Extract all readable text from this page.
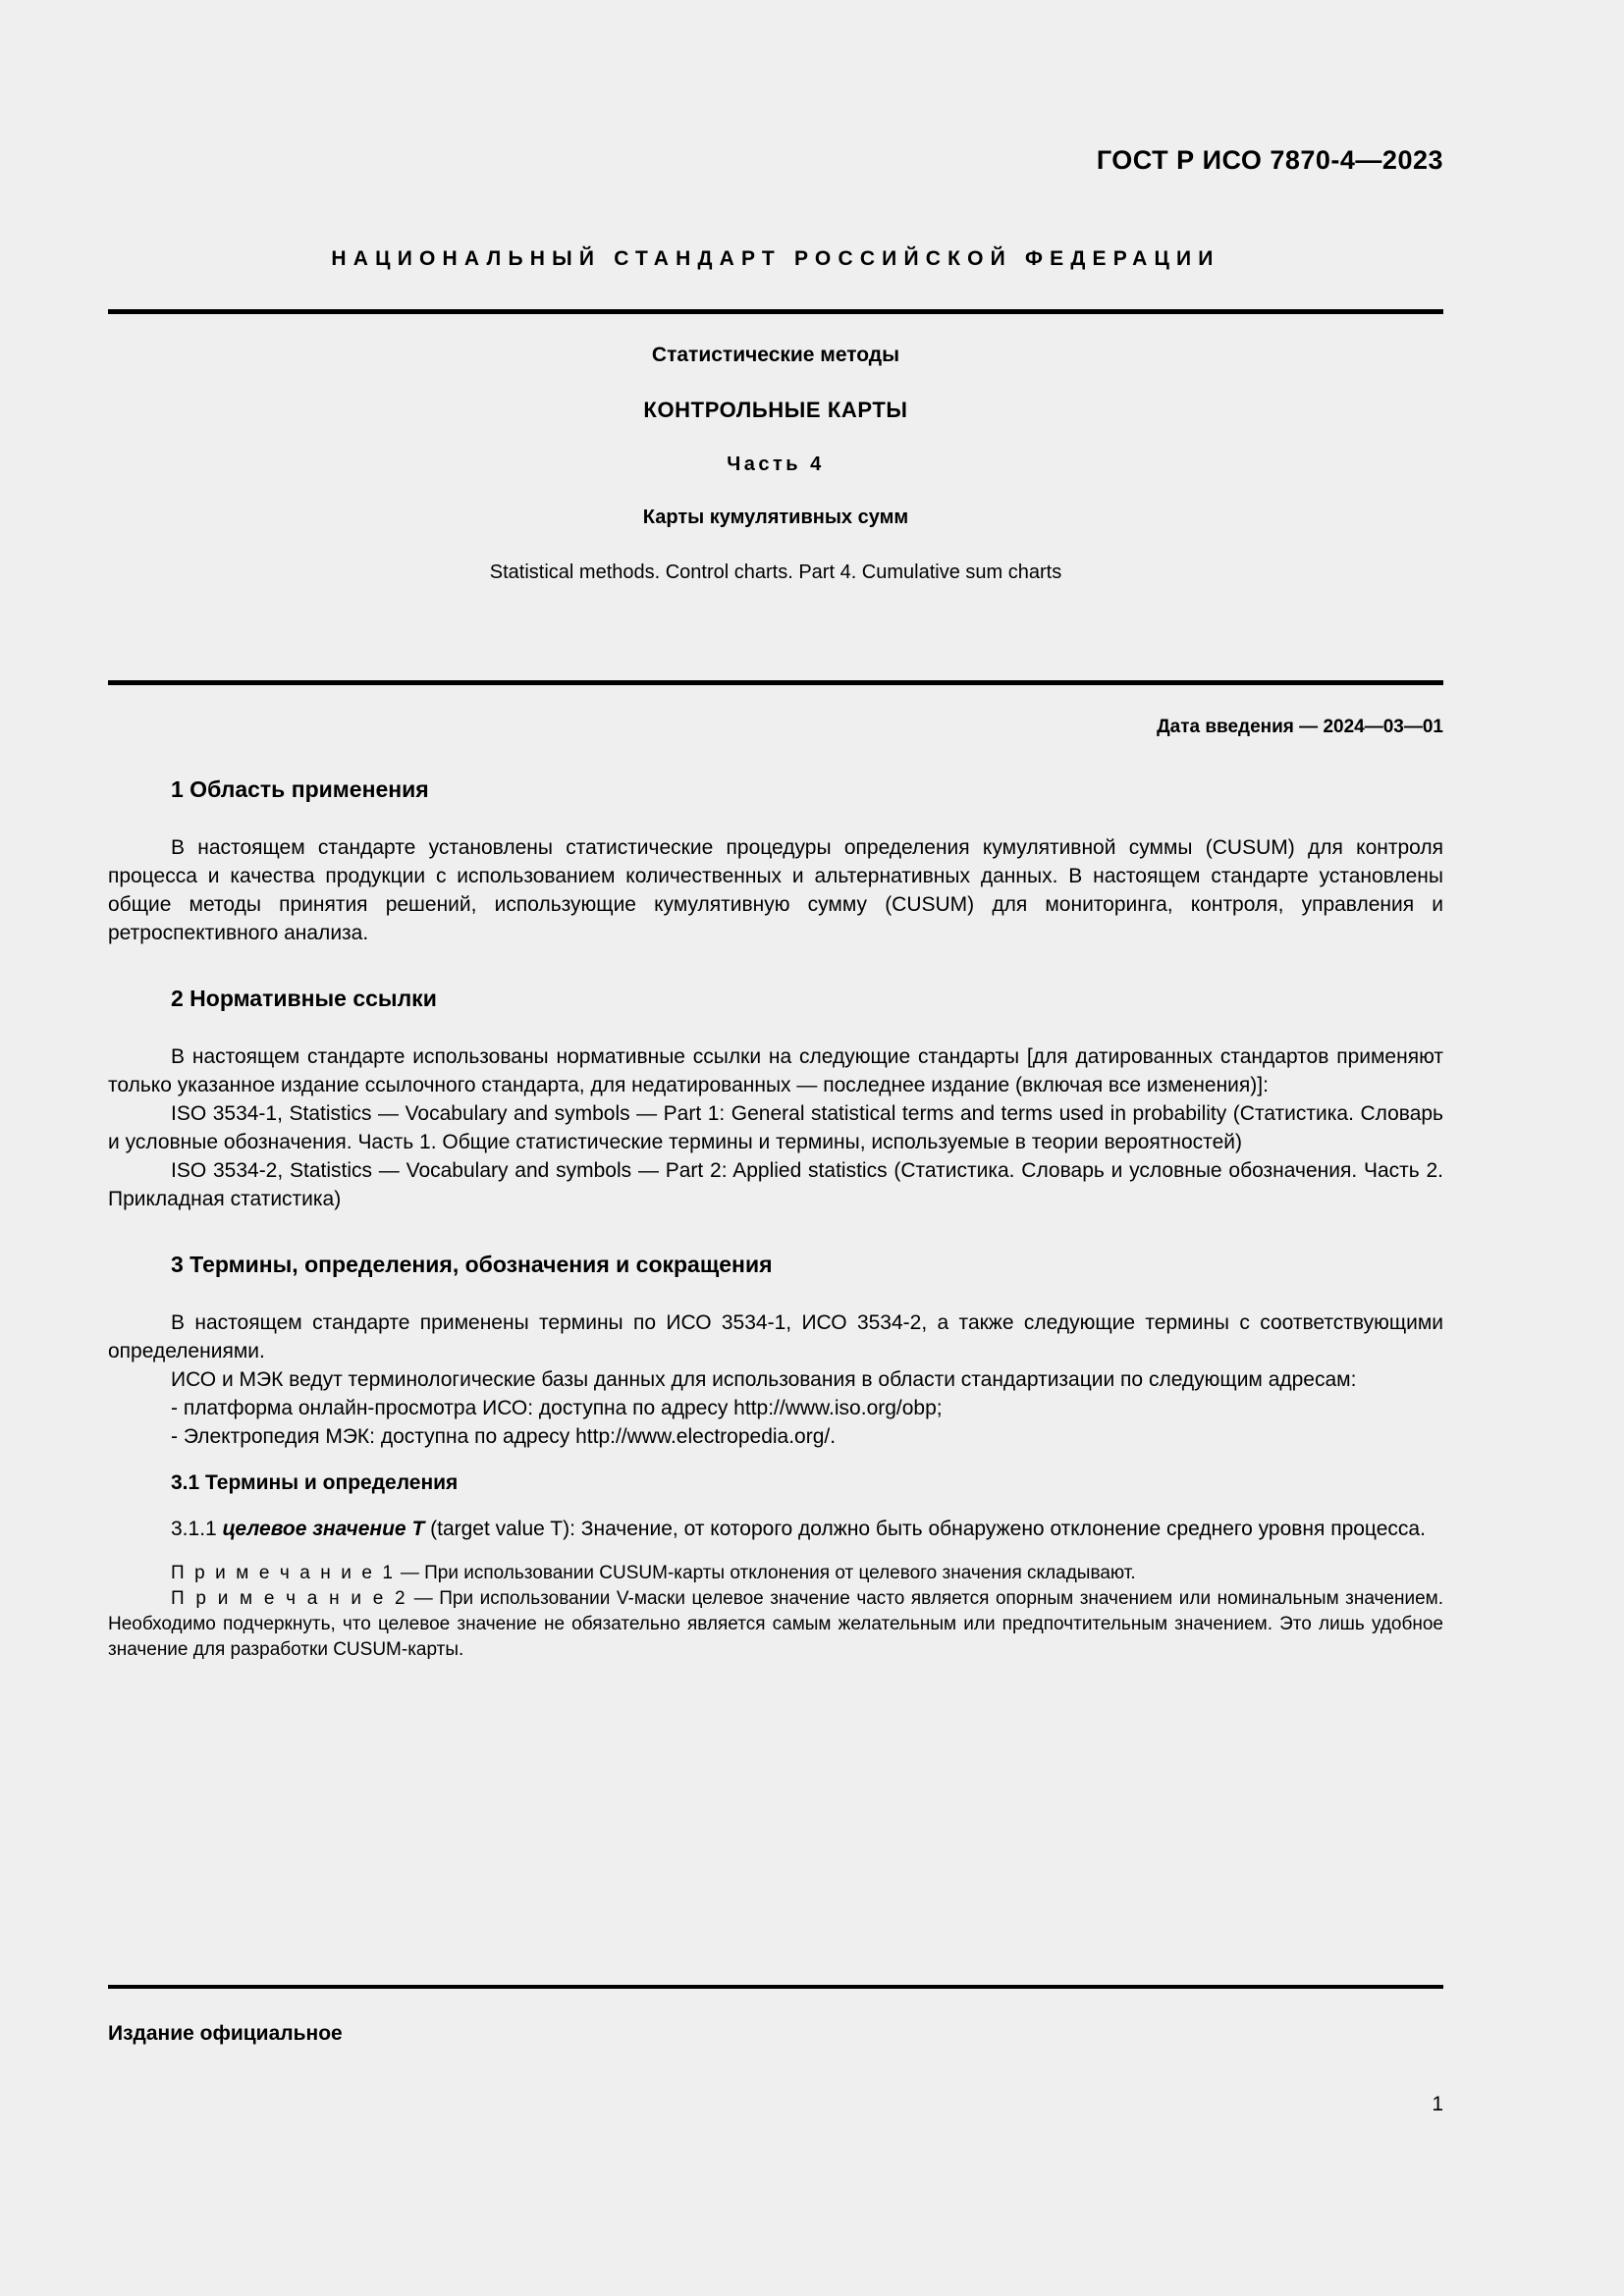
ГОСТ Р ИСО 7870-4—2023
НАЦИОНАЛЬНЫЙ СТАНДАРТ РОССИЙСКОЙ ФЕДЕРАЦИИ
Статистические методы
КОНТРОЛЬНЫЕ КАРТЫ
Часть 4
Карты кумулятивных сумм
Statistical methods. Control charts. Part 4. Cumulative sum charts
Дата введения — 2024—03—01
1 Область применения

В настоящем стандарте установлены статистические процедуры определения кумулятивной суммы (CUSUM) для контроля процесса и качества продукции с использованием количественных и альтернативных данных. В настоящем стандарте установлены общие методы принятия решений, использующие кумулятивную сумму (CUSUM) для мониторинга, контроля, управления и ретроспективного анализа.

2 Нормативные ссылки

В настоящем стандарте использованы нормативные ссылки на следующие стандарты [для датированных стандартов применяют только указанное издание ссылочного стандарта, для недатированных — последнее издание (включая все изменения)]:

ISO 3534-1, Statistics — Vocabulary and symbols — Part 1: General statistical terms and terms used in probability (Статистика. Словарь и условные обозначения. Часть 1. Общие статистические термины и термины, используемые в теории вероятностей)

ISO 3534-2, Statistics — Vocabulary and symbols — Part 2: Applied statistics (Статистика. Словарь и условные обозначения. Часть 2. Прикладная статистика)

3 Термины, определения, обозначения и сокращения

В настоящем стандарте применены термины по ИСО 3534-1, ИСО 3534-2, а также следующие термины с соответствующими определениями.

ИСО и МЭК ведут терминологические базы данных для использования в области стандартизации по следующим адресам:

- платформа онлайн-просмотра ИСО: доступна по адресу http://www.iso.org/obp;

- Электропедия МЭК: доступна по адресу http://www.electropedia.org/.

3.1 Термины и определения

3.1.1 целевое значение T (target value T): Значение, от которого должно быть обнаружено отклонение среднего уровня процесса.

П р и м е ч а н и е 1 — При использовании CUSUM-карты отклонения от целевого значения складывают.

П р и м е ч а н и е 2 — При использовании V-маски целевое значение часто является опорным значением или номинальным значением. Необходимо подчеркнуть, что целевое значение не обязательно является самым желательным или предпочтительным значением. Это лишь удобное значение для разработки CUSUM-карты.

Издание официальное
1
